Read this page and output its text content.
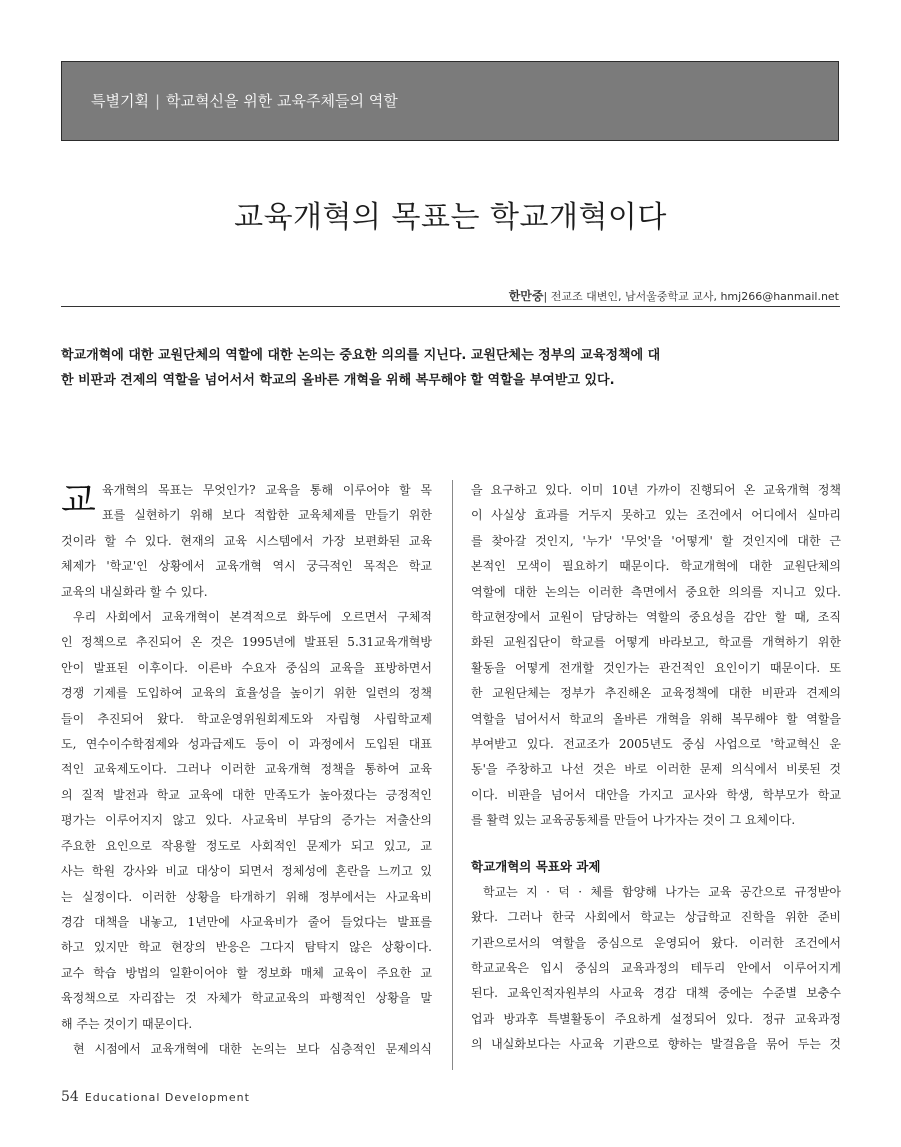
특별기획 | 학교혁신을 위한 교육주체들의 역할
교육개혁의 목표는 학교개혁이다
한만중| 전교조 대변인, 남서울중학교 교사, hmj266@hanmail.net
학교개혁에 대한 교원단체의 역할에 대한 논의는 중요한 의의를 지닌다. 교원단체는 정부의 교육정책에 대
한 비판과 견제의 역할을 넘어서서 학교의 올바른 개혁을 위해 복무해야 할 역할을 부여받고 있다.
교 육개혁의 목표는 무엇인가? 교육을 통해 이루어야 할 목
표를 실현하기 위해 보다 적합한 교육체제를 만들기 위한
것이라 할 수 있다. 현재의 교육 시스템에서 가장 보편화된 교육
체제가 '학교'인 상황에서 교육개혁 역시 궁극적인 목적은 학교
교육의 내실화라 할 수 있다.
우리 사회에서 교육개혁이 본격적으로 화두에 오르면서 구체적
인 정책으로 추진되어 온 것은 1995년에 발표된 5.31교육개혁방
안이 발표된 이후이다. 이른바 수요자 중심의 교육을 표방하면서
경쟁 기제를 도입하여 교육의 효율성을 높이기 위한 일련의 정책
들이 추진되어 왔다. 학교운영위원회제도와 자립형 사립학교제
도, 연수이수학점제와 성과급제도 등이 이 과정에서 도입된 대표
적인 교육제도이다. 그러나 이러한 교육개혁 정책을 통하여 교육
의 질적 발전과 학교 교육에 대한 만족도가 높아졌다는 긍정적인
평가는 이루어지지 않고 있다. 사교육비 부담의 증가는 저출산의
주요한 요인으로 작용할 정도로 사회적인 문제가 되고 있고, 교
사는 학원 강사와 비교 대상이 되면서 정체성에 혼란을 느끼고 있
는 실정이다. 이러한 상황을 타개하기 위해 정부에서는 사교육비
경감 대책을 내놓고, 1년만에 사교육비가 줄어 들었다는 발표를
하고 있지만 학교 현장의 반응은 그다지 탐탁지 않은 상황이다.
교수 학습 방법의 일환이어야 할 정보화 매체 교육이 주요한 교
육정책으로 자리잡는 것 자체가 학교교육의 파행적인 상황을 말
해 주는 것이기 때문이다.
현 시점에서 교육개혁에 대한 논의는 보다 심층적인 문제의식
을 요구하고 있다. 이미 10년 가까이 진행되어 온 교육개혁 정책
이 사실상 효과를 거두지 못하고 있는 조건에서 어디에서 실마리
를 찾아갈 것인지, '누가' '무엇'을 '어떻게' 할 것인지에 대한 근
본적인 모색이 필요하기 때문이다. 학교개혁에 대한 교원단체의
역할에 대한 논의는 이러한 측면에서 중요한 의의를 지니고 있다.
학교현장에서 교원이 담당하는 역할의 중요성을 감안 할 때, 조직
화된 교원집단이 학교를 어떻게 바라보고, 학교를 개혁하기 위한
활동을 어떻게 전개할 것인가는 관건적인 요인이기 때문이다. 또
한 교원단체는 정부가 추진해온 교육정책에 대한 비판과 견제의
역할을 넘어서서 학교의 올바른 개혁을 위해 복무해야 할 역할을
부여받고 있다. 전교조가 2005년도 중심 사업으로 '학교혁신 운
동'을 주창하고 나선 것은 바로 이러한 문제 의식에서 비롯된 것
이다. 비판을 넘어서 대안을 가지고 교사와 학생, 학부모가 학교
를 활력 있는 교육공동체를 만들어 나가자는 것이 그 요체이다.
학교개혁의 목표와 과제
학교는 지 · 덕 · 체를 함양해 나가는 교육 공간으로 규정받아
왔다. 그러나 한국 사회에서 학교는 상급학교 진학을 위한 준비
기관으로서의 역할을 중심으로 운영되어 왔다. 이러한 조건에서
학교교육은 입시 중심의 교육과정의 테두리 안에서 이루어지게
된다. 교육인적자원부의 사교육 경감 대책 중에는 수준별 보충수
업과 방과후 특별활동이 주요하게 설정되어 있다. 정규 교육과정
의 내실화보다는 사교육 기관으로 향하는 발걸음을 묶어 두는 것
54 Educational Development
